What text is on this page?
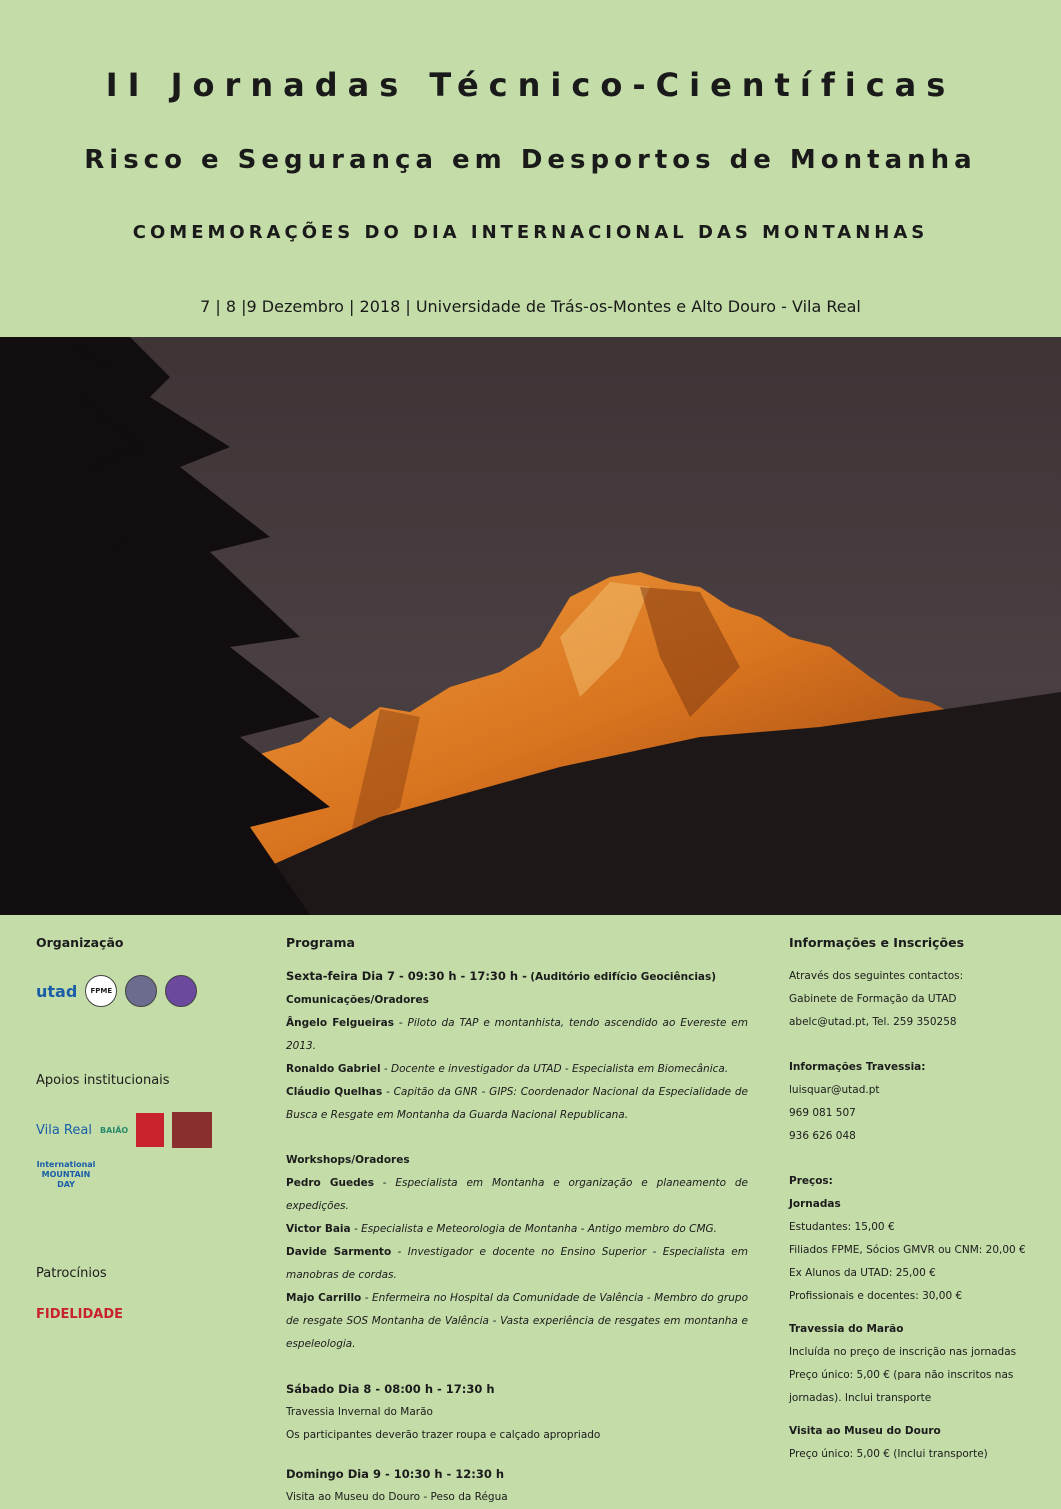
II Jornadas Técnico-Científicas
Risco e Segurança em Desportos de Montanha
COMEMORAÇÕES DO DIA INTERNACIONAL DAS MONTANHAS
7 | 8 |9 Dezembro | 2018 | Universidade de Trás-os-Montes e Alto Douro - Vila Real
Organização
utad FPME
Apoios institucionais
Vila Real BAIÃO
International MOUNTAIN DAY
Patrocínios
FIDELIDADE
Programa

Sexta-feira Dia 7 - 09:30 h - 17:30 h - (Auditório edifício Geociências)

Comunicações/Oradores

Ângelo Felgueiras - Piloto da TAP e montanhista, tendo ascendido ao Evereste em 2013.

Ronaldo Gabriel - Docente e investigador da UTAD - Especialista em Biomecânica.

Cláudio Quelhas - Capitão da GNR - GIPS: Coordenador Nacional da Especialidade de Busca e Resgate em Montanha da Guarda Nacional Republicana.

Workshops/Oradores

Pedro Guedes - Especialista em Montanha e organização e planeamento de expedições.

Victor Baia - Especialista e Meteorologia de Montanha - Antigo membro do CMG.

Davide Sarmento - Investigador e docente no Ensino Superior - Especialista em manobras de cordas.

Majo Carrillo - Enfermeira no Hospital da Comunidade de Valência - Membro do grupo de resgate SOS Montanha de Valência - Vasta experiência de resgates em montanha e espeleologia.

Sábado Dia 8 - 08:00 h - 17:30 h

Travessia Invernal do Marão

Os participantes deverão trazer roupa e calçado apropriado

Domingo Dia 9 - 10:30 h - 12:30 h

Visita ao Museu do Douro - Peso da Régua

Informações e Inscrições

Através dos seguintes contactos:

Gabinete de Formação da UTAD

abelc@utad.pt, Tel. 259 350258

Informações Travessia:

luisquar@utad.pt

969 081 507

936 626 048

Preços:

Jornadas

Estudantes: 15,00 €

Filiados FPME, Sócios GMVR ou CNM: 20,00 €

Ex Alunos da UTAD: 25,00 €

Profissionais e docentes: 30,00 €

Travessia do Marão

Incluída no preço de inscrição nas jornadas

Preço único: 5,00 € (para não inscritos nas jornadas). Inclui transporte

Visita ao Museu do Douro

Preço único: 5,00 € (Inclui transporte)
